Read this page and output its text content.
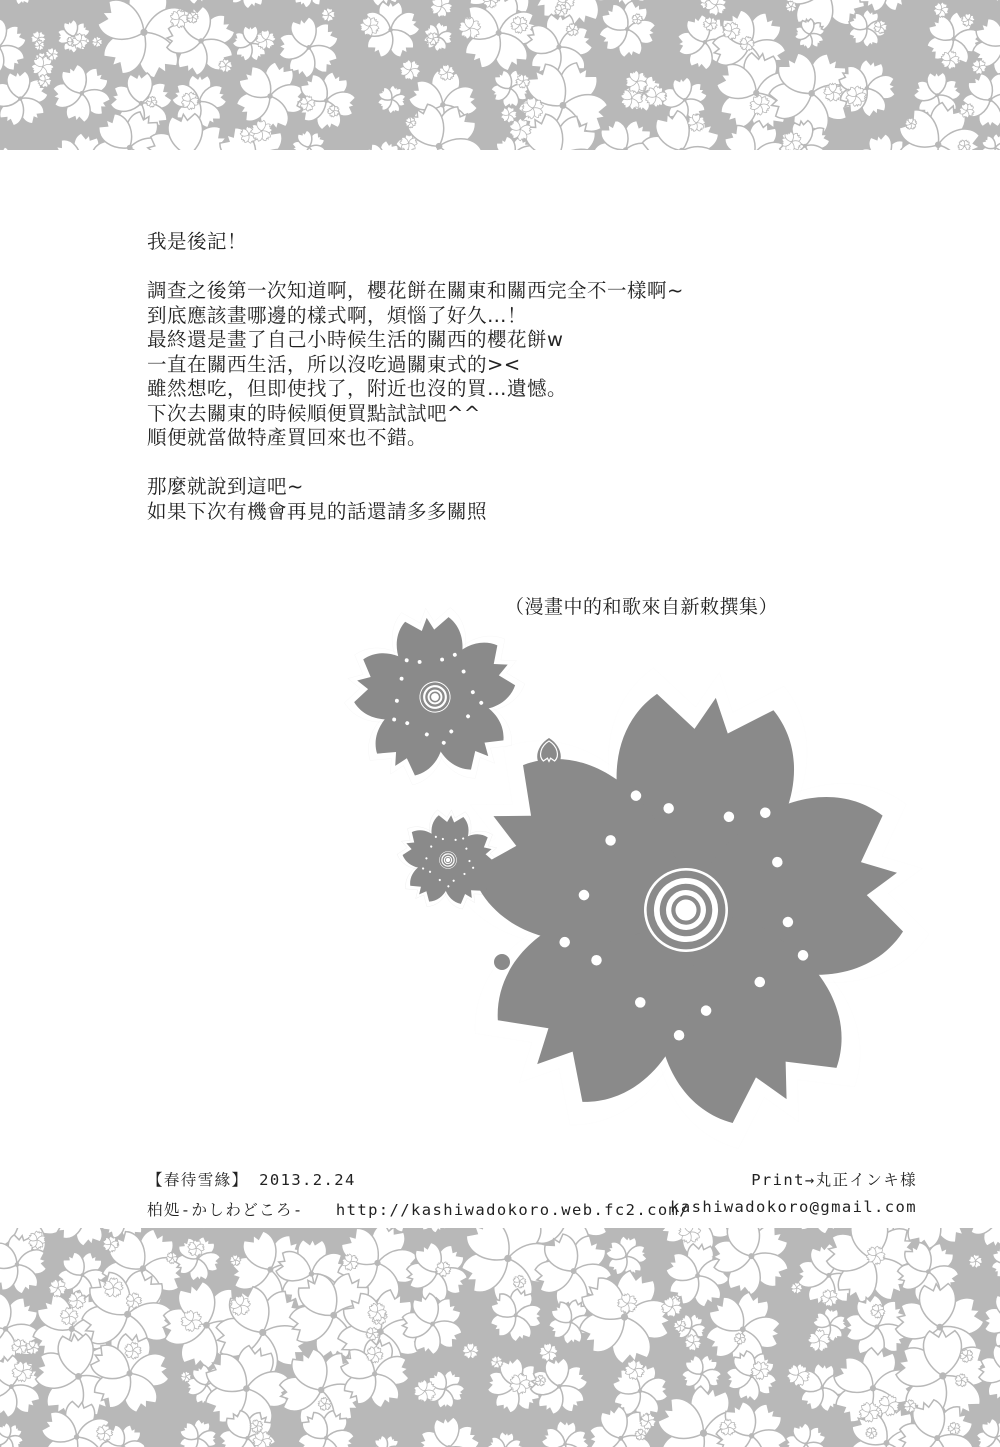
我是後記！
調查之後第一次知道啊，櫻花餅在關東和關西完全不一樣啊~
到底應該畫哪邊的樣式啊，煩惱了好久…！
最終還是畫了自己小時候生活的關西的櫻花餅w
一直在關西生活，所以沒吃過關東式的><
雖然想吃，但即使找了，附近也沒的買…遺憾。
下次去關東的時候順便買點試試吧^^
順便就當做特產買回來也不錯。
那麼就說到這吧~
如果下次有機會再見的話還請多多關照
（漫畫中的和歌來自新敕撰集）
【春待雪緣】 2013.2.24	Print→丸正インキ様
柏処-かしわどころ- http://kashiwadokoro.web.fc2.com/
kashiwadokoro@gmail.com
